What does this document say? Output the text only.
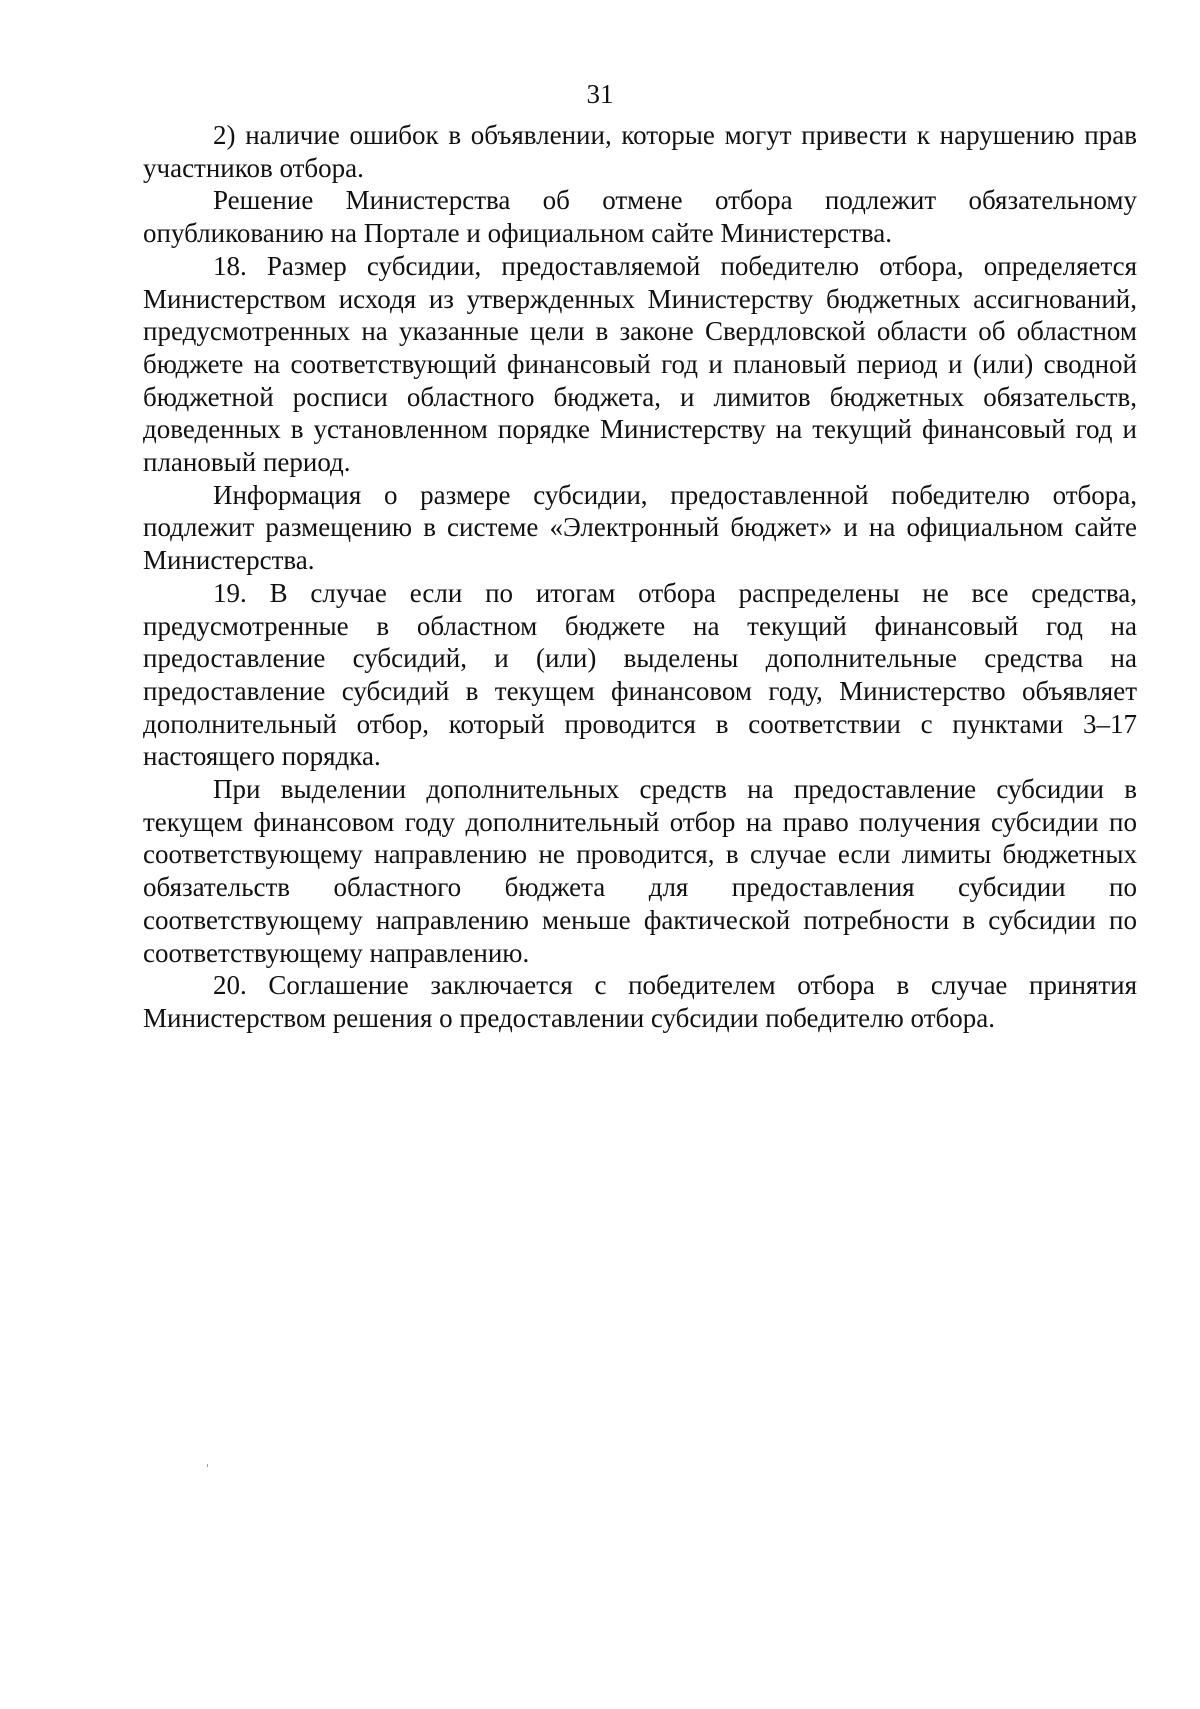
31

2) наличие ошибок в объявлении, которые могут привести к нарушению прав участников отбора.

Решение Министерства об отмене отбора подлежит обязательному опубликованию на Портале и официальном сайте Министерства.

18. Размер субсидии, предоставляемой победителю отбора, определяется Министерством исходя из утвержденных Министерству бюджетных ассигнований, предусмотренных на указанные цели в законе Свердловской области об областном бюджете на соответствующий финансовый год и плановый период и (или) сводной бюджетной росписи областного бюджета, и лимитов бюджетных обязательств, доведенных в установленном порядке Министерству на текущий финансовый год и плановый период.

Информация о размере субсидии, предоставленной победителю отбора, подлежит размещению в системе «Электронный бюджет» и на официальном сайте Министерства.

19. В случае если по итогам отбора распределены не все средства, предусмотренные в областном бюджете на текущий финансовый год на предоставление субсидий, и (или) выделены дополнительные средства на предоставление субсидий в текущем финансовом году, Министерство объявляет дополнительный отбор, который проводится в соответствии с пунктами 3–17 настоящего порядка.

При выделении дополнительных средств на предоставление субсидии в текущем финансовом году дополнительный отбор на право получения субсидии по соответствующему направлению не проводится, в случае если лимиты бюджетных обязательств областного бюджета для предоставления субсидии по соответствующему направлению меньше фактической потребности в субсидии по соответствующему направлению.

20. Соглашение заключается с победителем отбора в случае принятия Министерством решения о предоставлении субсидии победителю отбора.
